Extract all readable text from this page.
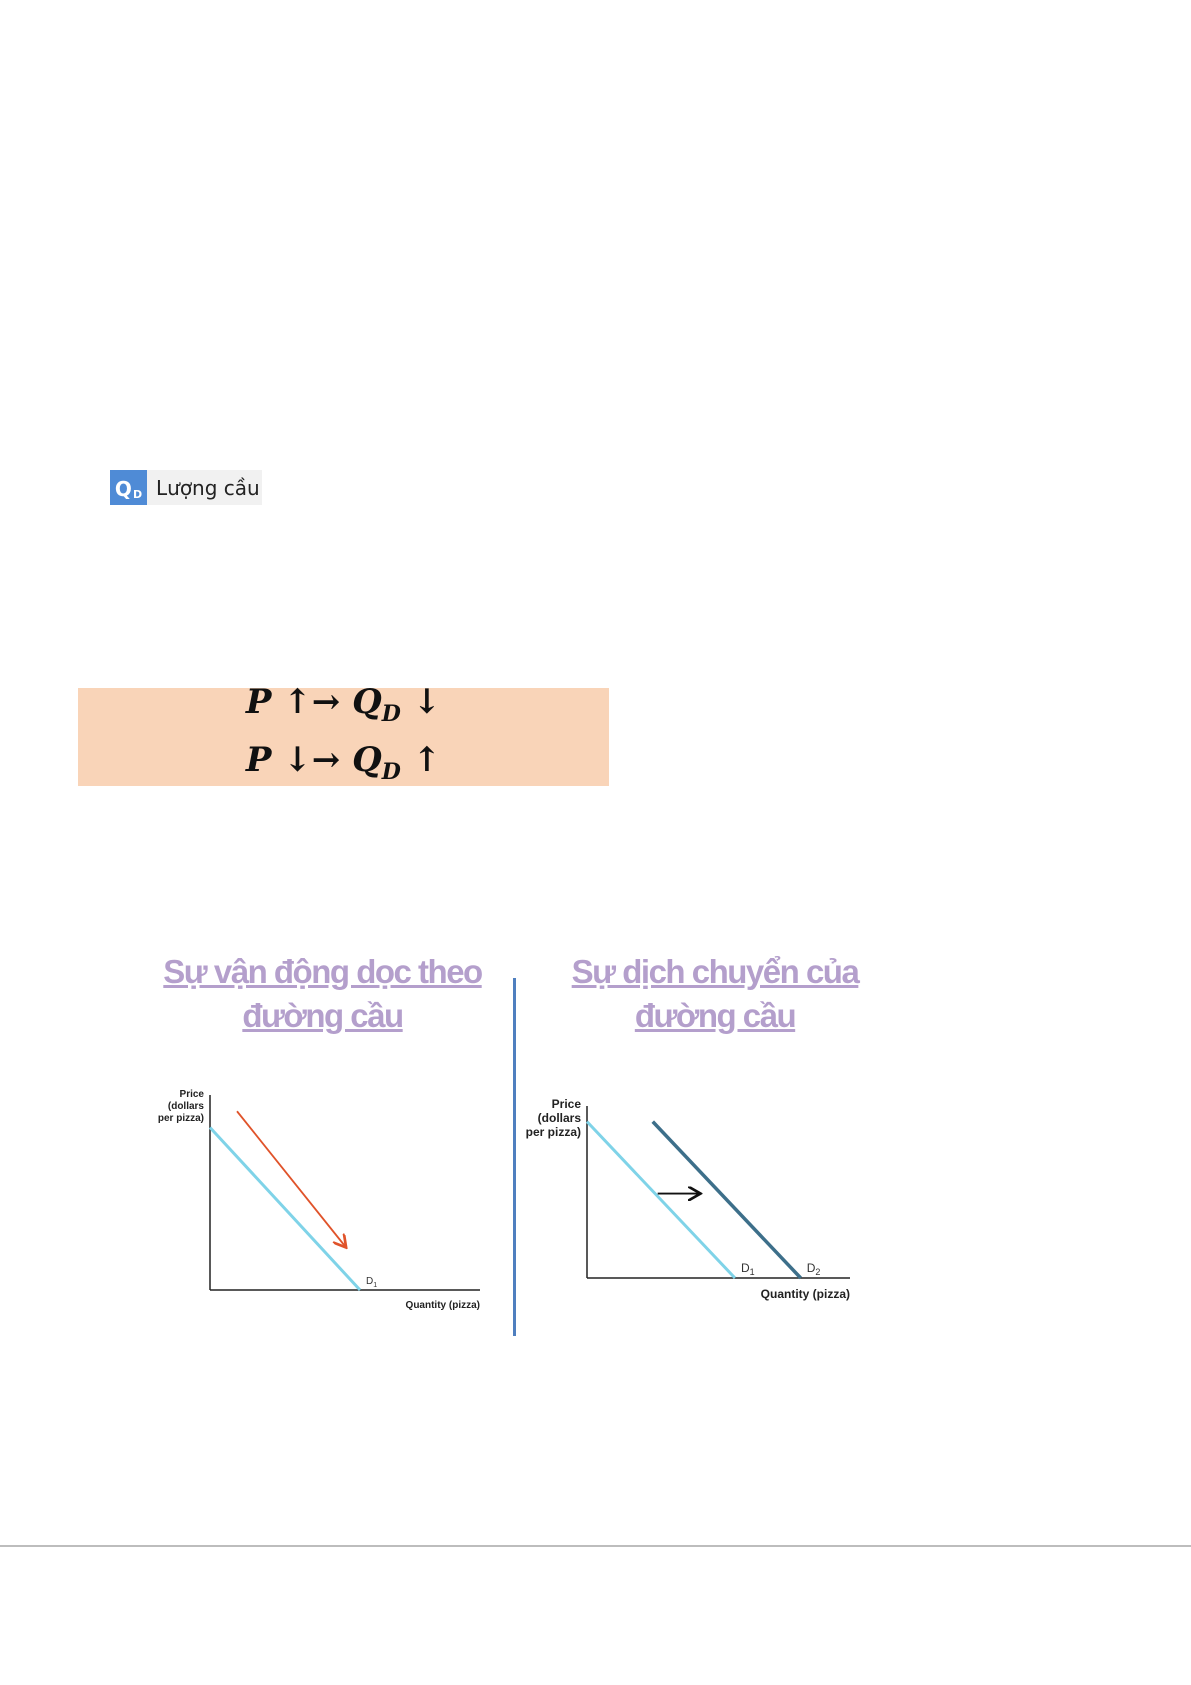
$Q_D$ Lượng cầu
P ↑→ $Q_D$ ↓
P ↓→ $Q_D$ ↑
Sự vận động dọc theo
đường cầu
Sự dịch chuyển của
đường cầu
Price (dollars per pizza)
Quantity (pizza)
$D_1$
Price (dollars per pizza)
Quantity (pizza)
$D_1$	$D_2$
